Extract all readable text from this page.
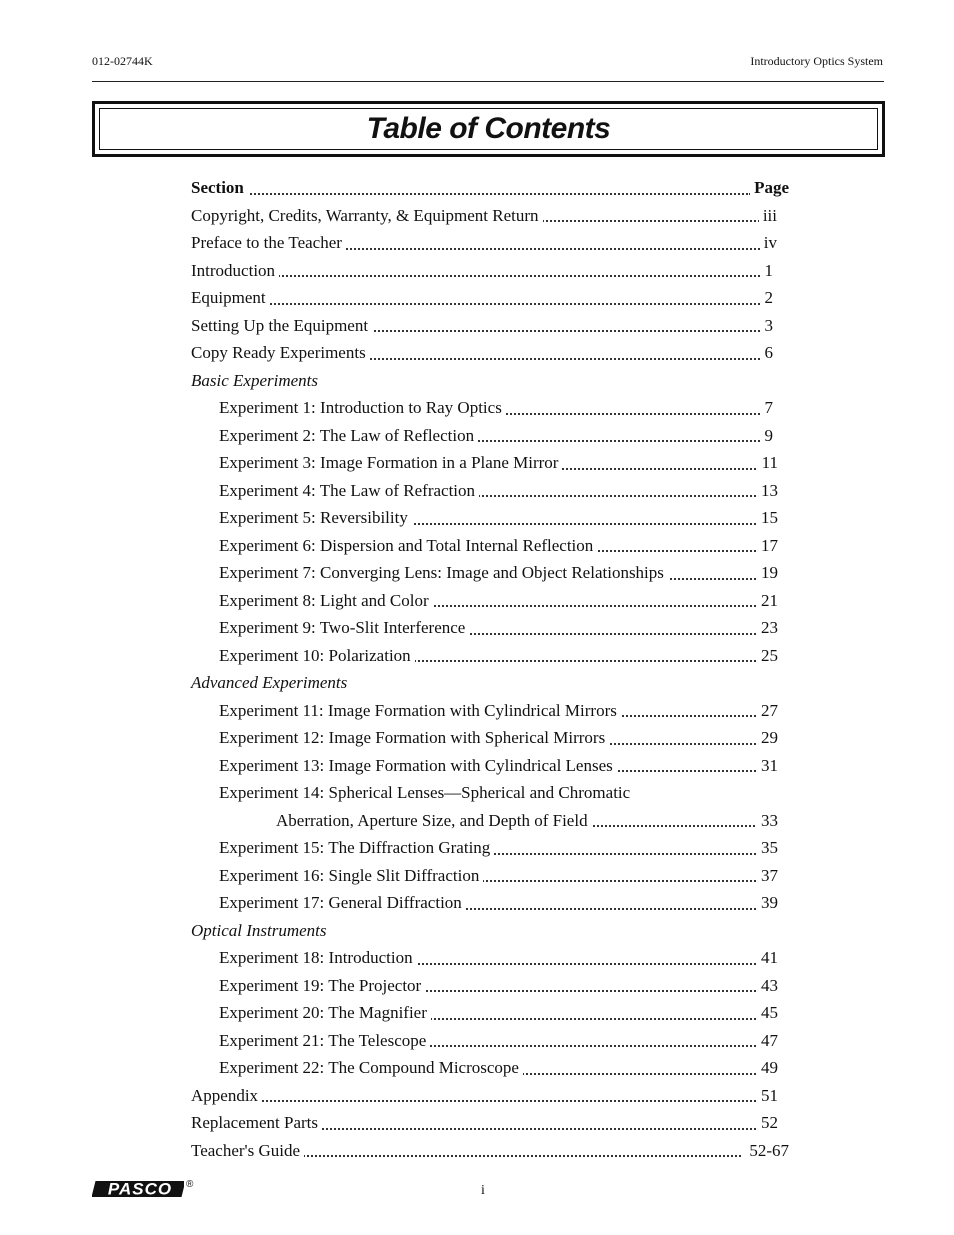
012-02744K	Introductory Optics System
Table of Contents
Section	Page
Copyright, Credits, Warranty, & Equipment Return	iii
Preface to the Teacher	iv
Introduction	1
Equipment	2
Setting Up the Equipment	3
Copy Ready Experiments	6
Basic Experiments
Experiment 1: Introduction to Ray Optics	7
Experiment 2: The Law of Reflection	9
Experiment 3: Image Formation in a Plane Mirror	11
Experiment 4: The Law of Refraction	13
Experiment 5: Reversibility	15
Experiment 6: Dispersion and Total Internal Reflection	17
Experiment 7: Converging Lens: Image and Object Relationships	19
Experiment 8: Light and Color	21
Experiment 9: Two-Slit Interference	23
Experiment 10: Polarization	25
Advanced Experiments
Experiment 11: Image Formation with Cylindrical Mirrors	27
Experiment 12: Image Formation with Spherical Mirrors	29
Experiment 13: Image Formation with Cylindrical Lenses	31
Experiment 14: Spherical Lenses—Spherical and Chromatic
Aberration, Aperture Size, and Depth of Field	33
Experiment 15: The Diffraction Grating	35
Experiment 16: Single Slit Diffraction	37
Experiment 17: General Diffraction	39
Optical Instruments
Experiment 18: Introduction	41
Experiment 19: The Projector	43
Experiment 20: The Magnifier	45
Experiment 21: The Telescope	47
Experiment 22: The Compound Microscope	49
Appendix	51
Replacement Parts	52
Teacher's Guide	52-67
PASCO ®	i
